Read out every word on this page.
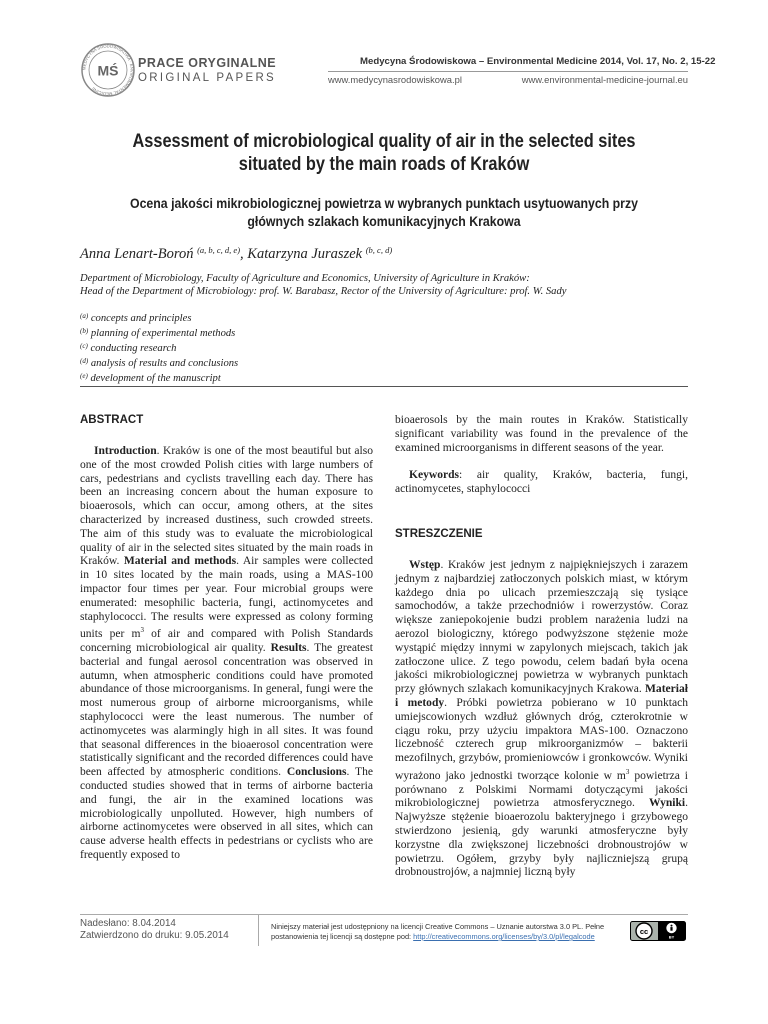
MEDYCYNA ŚRODOWISKOWA · ENVIRONMENTAL MEDICINE
MŚ PRACE ORYGINALNE
ORIGINAL PAPERS
Medycyna Środowiskowa – Environmental Medicine 2014, Vol. 17, No. 2, 15-22
www.medycynasrodowiskowa.pl	www.environmental-medicine-journal.eu
Assessment of microbiological quality of air in the selected sites situated by the main roads of Kraków
Ocena jakości mikrobiologicznej powietrza w wybranych punktach usytuowanych przy głównych szlakach komunikacyjnych Krakowa
Anna Lenart-Boroń $^{(a, b, c, d, e)}$, Katarzyna Juraszek $^{(b, c, d)}$
Department of Microbiology, Faculty of Agriculture and Economics, University of Agriculture in Kraków:
Head of the Department of Microbiology: prof. W. Barabasz, Rector of the University of Agriculture: prof. W. Sady
$^{(a)}$ concepts and principles
$^{(b)}$ planning of experimental methods
$^{(c)}$ conducting research
$^{(d)}$ analysis of results and conclusions
$^{(e)}$ development of the manuscript
ABSTRACT

Introduction. Kraków is one of the most beautiful but also one of the most crowded Polish cities with large numbers of cars, pedestrians and cyclists travelling each day. There has been an increasing concern about the human exposure to bioaerosols, which can occur, among others, at the sites characterized by increased dustiness, such crowded streets. The aim of this study was to evaluate the microbiological quality of air in the selected sites situated by the main roads in Kraków. Material and methods. Air samples were collected in 10 sites located by the main roads, using a MAS-100 impactor four times per year. Four microbial groups were enumerated: mesophilic bacteria, fungi, actinomycetes and staphylococci. The results were expressed as colony forming units per $m^3$ of air and compared with Polish Standards concerning microbiological air quality. Results. The greatest bacterial and fungal aerosol concentration was observed in autumn, when atmospheric conditions could have promoted abundance of those microorganisms. In general, fungi were the most numerous group of airborne microorganisms, while staphylococci were the least numerous. The number of actinomycetes was alarmingly high in all sites. It was found that seasonal differences in the bioaerosol concentration were statistically significant and the recorded differences could have been affected by atmospheric conditions. Conclusions. The conducted studies showed that in terms of airborne bacteria and fungi, the air in the examined locations was microbiologically unpolluted. However, high numbers of airborne actinomycetes were observed in all sites, which can cause adverse health effects in pedestrians or cyclists who are frequently exposed to

bioaerosols by the main routes in Kraków. Statistically significant variability was found in the prevalence of the examined microorganisms in different seasons of the year.

Keywords: air quality, Kraków, bacteria, fungi, actinomycetes, staphylococci

STRESZCZENIE

Wstęp. Kraków jest jednym z najpiękniejszych i zarazem jednym z najbardziej zatłoczonych polskich miast, w którym każdego dnia po ulicach przemieszczają się tysiące samochodów, a także przechodniów i rowerzystów. Coraz większe zaniepokojenie budzi problem narażenia ludzi na aerozol biologiczny, którego podwyższone stężenie może wystąpić między innymi w zapylonych miejscach, takich jak zatłoczone ulice. Z tego powodu, celem badań była ocena jakości mikrobiologicznej powietrza w wybranych punktach przy głównych szlakach komunikacyjnych Krakowa. Materiał i metody. Próbki powietrza pobierano w 10 punktach umiejscowionych wzdłuż głównych dróg, czterokrotnie w ciągu roku, przy użyciu impaktora MAS-100. Oznaczono liczebność czterech grup mikroorganizmów – bakterii mezofilnych, grzybów, promieniowców i gronkowców. Wyniki wyrażono jako jednostki tworzące kolonie w $m^3$ powietrza i porównano z Polskimi Normami dotyczącymi jakości mikrobiologicznej powietrza atmosferycznego. Wyniki. Najwyższe stężenie bioaerozolu bakteryjnego i grzybowego stwierdzono jesienią, gdy warunki atmosferyczne były korzystne dla zwiększonej liczebności drobnoustrojów w powietrzu. Ogółem, grzyby były najliczniejszą grupą drobnoustrojów, a najmniej liczną były

Nadesłano: 8.04.2014
Zatwierdzono do druku: 9.05.2014
Niniejszy materiał jest udostępniony na licencji Creative Commons – Uznanie autorstwa 3.0 PL. Pełne
postanowienia tej licencji są dostępne pod: http://creativecommons.org/licenses/by/3.0/pl/legalcode
cc
BY
